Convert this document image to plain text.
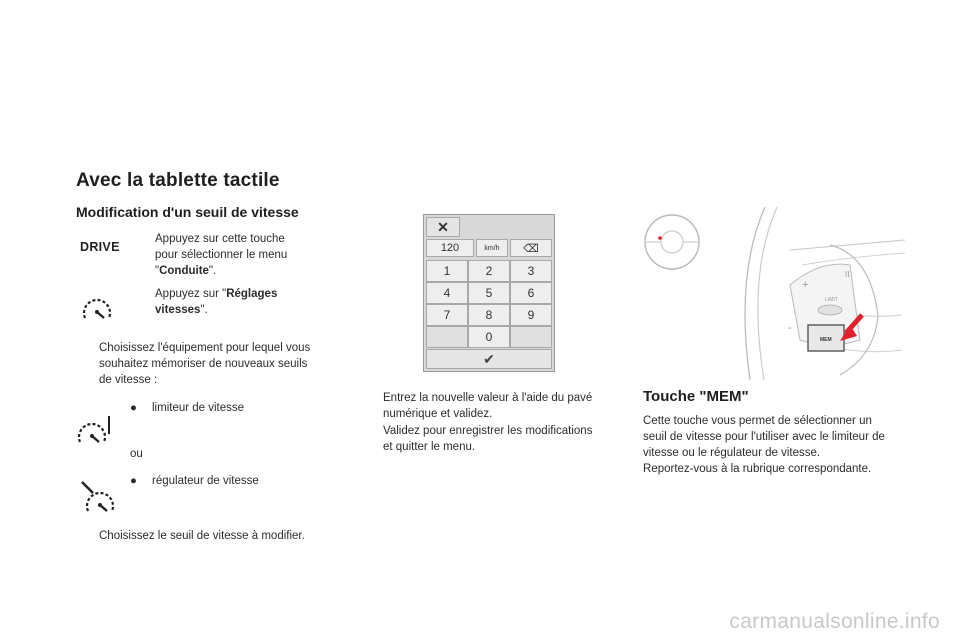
Avec la tablette tactile
Modification d'un seuil de vitesse
DRIVE
Appuyez sur cette touche
pour sélectionner le menu
"Conduite".
Appuyez sur "Réglages
vitesses".
Choisissez l'équipement pour lequel vous
souhaitez mémoriser de nouveaux seuils
de vitesse :
● limiteur de vitesse
ou
● régulateur de vitesse
Choisissez le seuil de vitesse à modifier.
✕
120	km/h	⌫
1	2	3
4	5	6
7	8	9
0
✔
Entrez la nouvelle valeur à l'aide du pavé
numérique et validez.
Validez pour enregistrer les modifications
et quitter le menu.
+
II
-
LIMIT
MEM
Touche "MEM"
Cette touche vous permet de sélectionner un
seuil de vitesse pour l'utiliser avec le limiteur de
vitesse ou le régulateur de vitesse.
Reportez-vous à la rubrique correspondante.
carmanualsonline.info
